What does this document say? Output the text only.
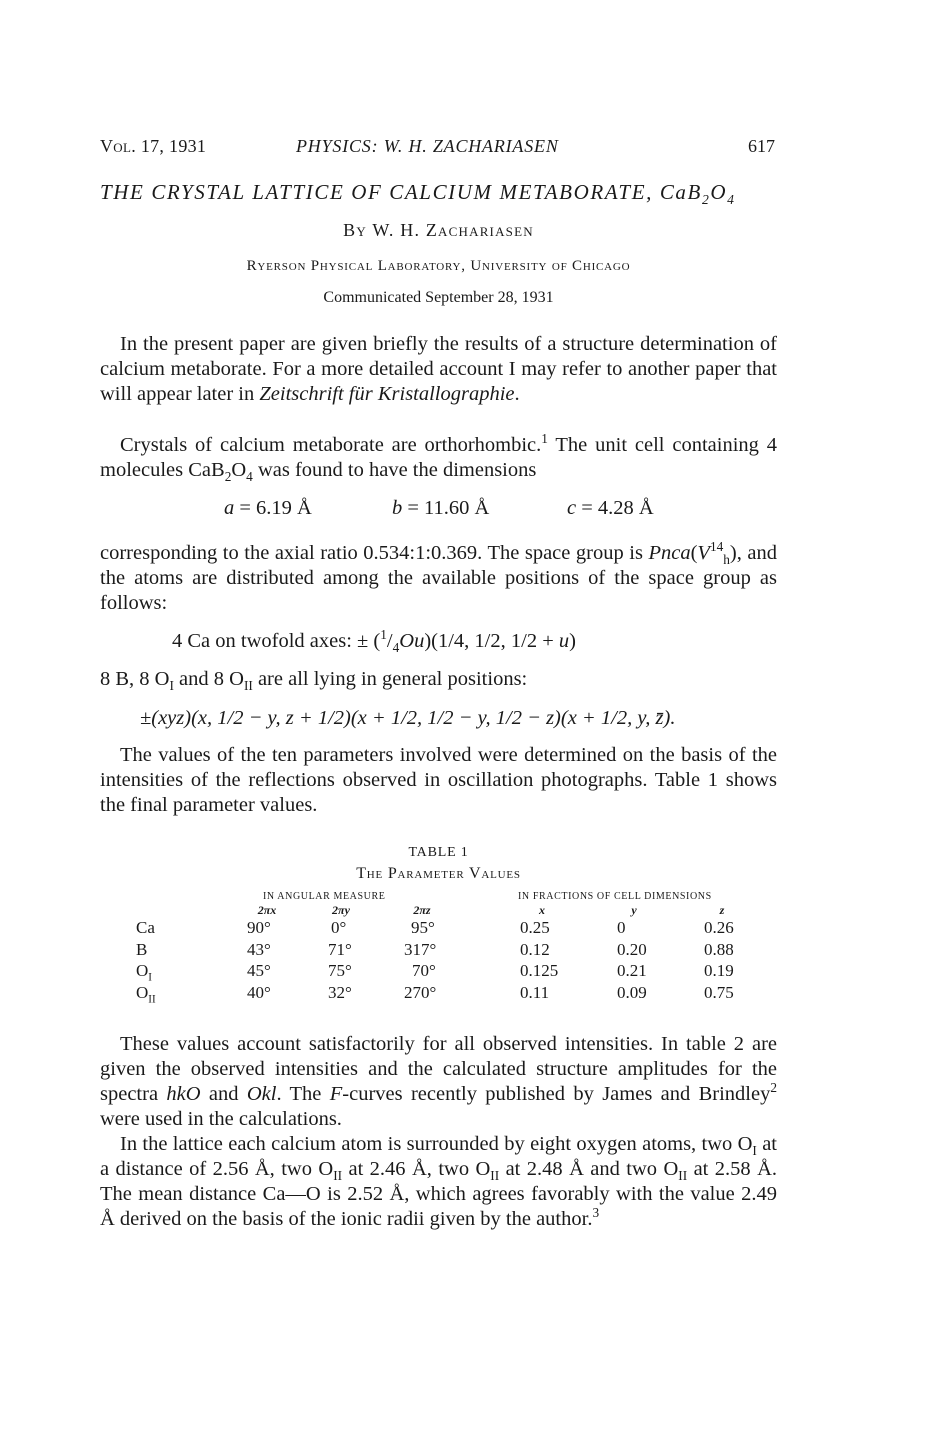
Vol. 17, 1931	PHYSICS: W. H. ZACHARIASEN	617
THE CRYSTAL LATTICE OF CALCIUM METABORATE, $CaB_2O_4$
By W. H. Zachariasen
Ryerson Physical Laboratory, University of Chicago
Communicated September 28, 1931
In the present paper are given briefly the results of a structure determination of calcium metaborate. For a more detailed account I may refer to another paper that will appear later in Zeitschrift für Kristallographie.
Crystals of calcium metaborate are orthorhombic.$^1$ The unit cell containing 4 molecules $CaB_2O_4$ was found to have the dimensions
a = 6.19 Å	b = 11.60 Å	c = 4.28 Å
corresponding to the axial ratio 0.534:1:0.369. The space group is $Pnca(V^{14}_h)$, and the atoms are distributed among the available positions of the space group as follows:
4 Ca on twofold axes: ± $(^1/_4Ou)(1/4$, 1/2, 1/2 + u)
8 B, 8 $O_I$ and 8 $O_{II}$ are all lying in general positions:
±(xyz)(x, 1/2 − y, z + 1/2)(x + 1/2, 1/2 − y, 1/2 − z)(x + 1/2, y, z̄).
The values of the ten parameters involved were determined on the basis of the intensities of the reflections observed in oscillation photographs. Table 1 shows the final parameter values.
TABLE 1
The Parameter Values
IN ANGULAR MEASURE	IN FRACTIONS OF CELL DIMENSIONS
2πx	2πy	2πz	x	y	z
Ca	90°	0°	95°	0.25	0	0.26
B	43°	71°	317°	0.12	0.20	0.88
$O_I$	45°	75°	70°	0.125	0.21	0.19
$O_{II}$	40°	32°	270°	0.11	0.09	0.75
These values account satisfactorily for all observed intensities. In table 2 are given the observed intensities and the calculated structure amplitudes for the spectra hkO and Okl. The F-curves recently published by James and Brindley$^2$ were used in the calculations.
In the lattice each calcium atom is surrounded by eight oxygen atoms, two $O_I$ at a distance of 2.56 Å, two $O_{II}$ at 2.46 Å, two $O_{II}$ at 2.48 Å and two $O_{II}$ at 2.58 Å. The mean distance Ca—O is 2.52 Å, which agrees favorably with the value 2.49 Å derived on the basis of the ionic radii given by the author.$^3$
